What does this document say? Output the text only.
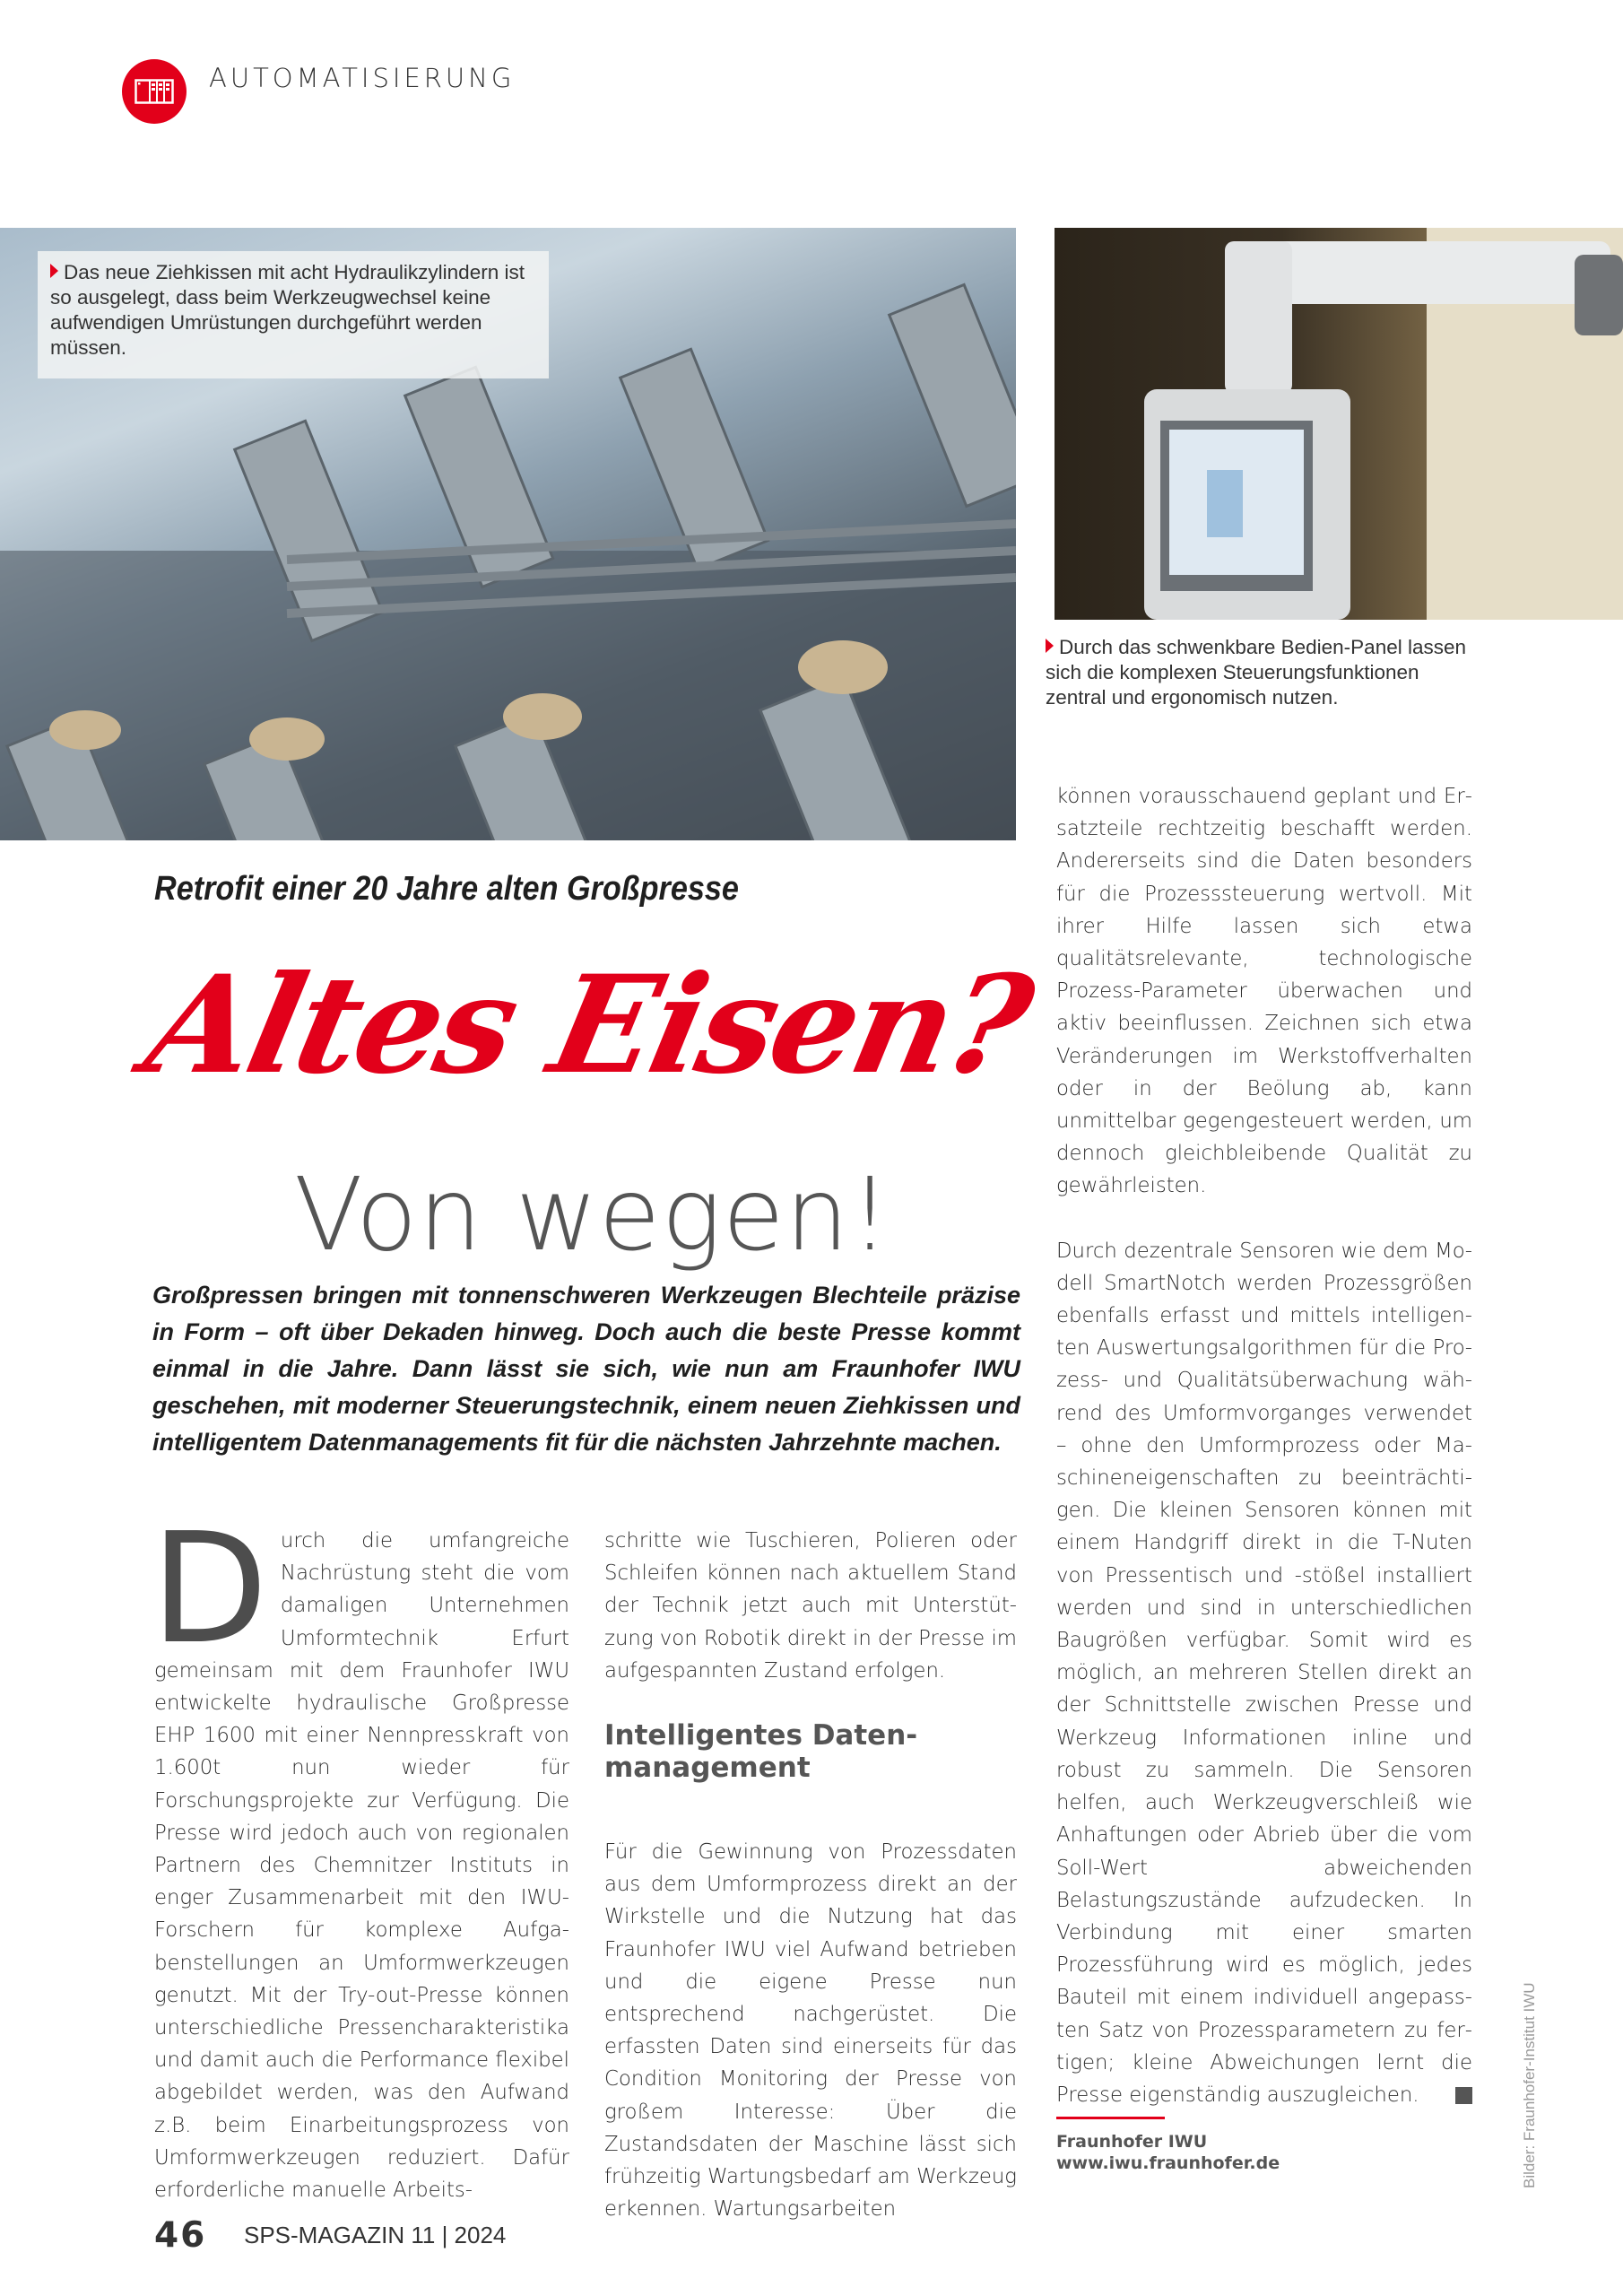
AUTOMATISIERUNG
Das neue Ziehkissen mit acht Hydraulikzylindern ist so ausgelegt, dass beim Werkzeugwechsel keine aufwendigen Umrüstungen durchgeführt werden müssen.
Durch das schwenkbare Bedien-Panel lassen sich die komplexen Steuerungsfunktionen zentral und ergonomisch nutzen.
Retrofit einer 20 Jahre alten Großpresse
Altes Eisen?
Von wegen!
Großpressen bringen mit tonnenschweren Werkzeugen Blechteile präzise in Form – oft über Dekaden hinweg. Doch auch die beste Presse kommt einmal in die Jahre. Dann lässt sie sich, wie nun am Fraunhofer IWU geschehen, mit moderner Steuerungstechnik, einem neuen Ziehkissen und intelligentem Datenmanagements fit für die nächsten Jahrzehnte machen.
D urch die umfangreiche Nachrüstung steht die vom damaligen Unternehmen Umformtechnik Erfurt gemeinsam mit dem Fraunhofer IWU entwickelte hydraulische Großpresse EHP 1600 mit einer Nennpresskraft von 1.600t nun wieder für Forschungsprojekte zur Verfügung. Die Presse wird jedoch auch von regionalen Partnern des Chemnitzer Instituts in enger Zusammenarbeit mit den IWU-Forschern für komplexe Aufgabenstellungen an Umformwerkzeugen genutzt. Mit der Try-out-Presse können unterschiedliche Pressencharakteristika und damit auch die Performance flexibel abgebildet werden, was den Aufwand z.B. beim Einarbeitungsprozess von Umformwerkzeugen reduziert. Dafür erforderliche manuelle Arbeits-

schritte wie Tuschieren, Polieren oder Schleifen können nach aktuellem Stand der Technik jetzt auch mit Unterstützung von Robotik direkt in der Presse im aufgespannten Zustand erfolgen.

Intelligentes Datenmanagement

Für die Gewinnung von Prozessdaten aus dem Umformprozess direkt an der Wirkstelle und die Nutzung hat das Fraunhofer IWU viel Aufwand betrieben und die eigene Presse nun entsprechend nachgerüstet. Die erfassten Daten sind einerseits für das Condition Monitoring der Presse von großem Interesse: Über die Zustandsdaten der Maschine lässt sich frühzeitig Wartungsbedarf am Werkzeug erkennen. Wartungsarbeiten

können vorausschauend geplant und Ersatzteile rechtzeitig beschafft werden. Andererseits sind die Daten besonders für die Prozesssteuerung wertvoll. Mit ihrer Hilfe lassen sich etwa qualitätsrelevante, technologische Prozess-Parameter überwachen und aktiv beeinflussen. Zeichnen sich etwa Veränderungen im Werkstoffverhalten oder in der Beölung ab, kann unmittelbar gegengesteuert werden, um dennoch gleichbleibende Qualität zu gewährleisten.

Durch dezentrale Sensoren wie dem Modell SmartNotch werden Prozessgrößen ebenfalls erfasst und mittels intelligenten Auswertungsalgorithmen für die Prozess- und Qualitätsüberwachung während des Umformvorganges verwendet – ohne den Umformprozess oder Maschineneigenschaften zu beeinträchtigen. Die kleinen Sensoren können mit einem Handgriff direkt in die T-Nuten von Pressentisch und -stößel installiert werden und sind in unterschiedlichen Baugrößen verfügbar. Somit wird es möglich, an mehreren Stellen direkt an der Schnittstelle zwischen Presse und Werkzeug Informationen inline und robust zu sammeln. Die Sensoren helfen, auch Werkzeugverschleiß wie Anhaftungen oder Abrieb über die vom Soll-Wert abweichenden Belastungszustände aufzudecken. In Verbindung mit einer smarten Prozessführung wird es möglich, jedes Bauteil mit einem individuell angepassten Satz von Prozessparametern zu fertigen; kleine Abweichungen lernt die Presse eigenständig auszugleichen.

Fraunhofer IWU
www.iwu.fraunhofer.de	Bilder: Fraunhofer-Institut IWU
46 SPS-MAGAZIN 11 | 2024
